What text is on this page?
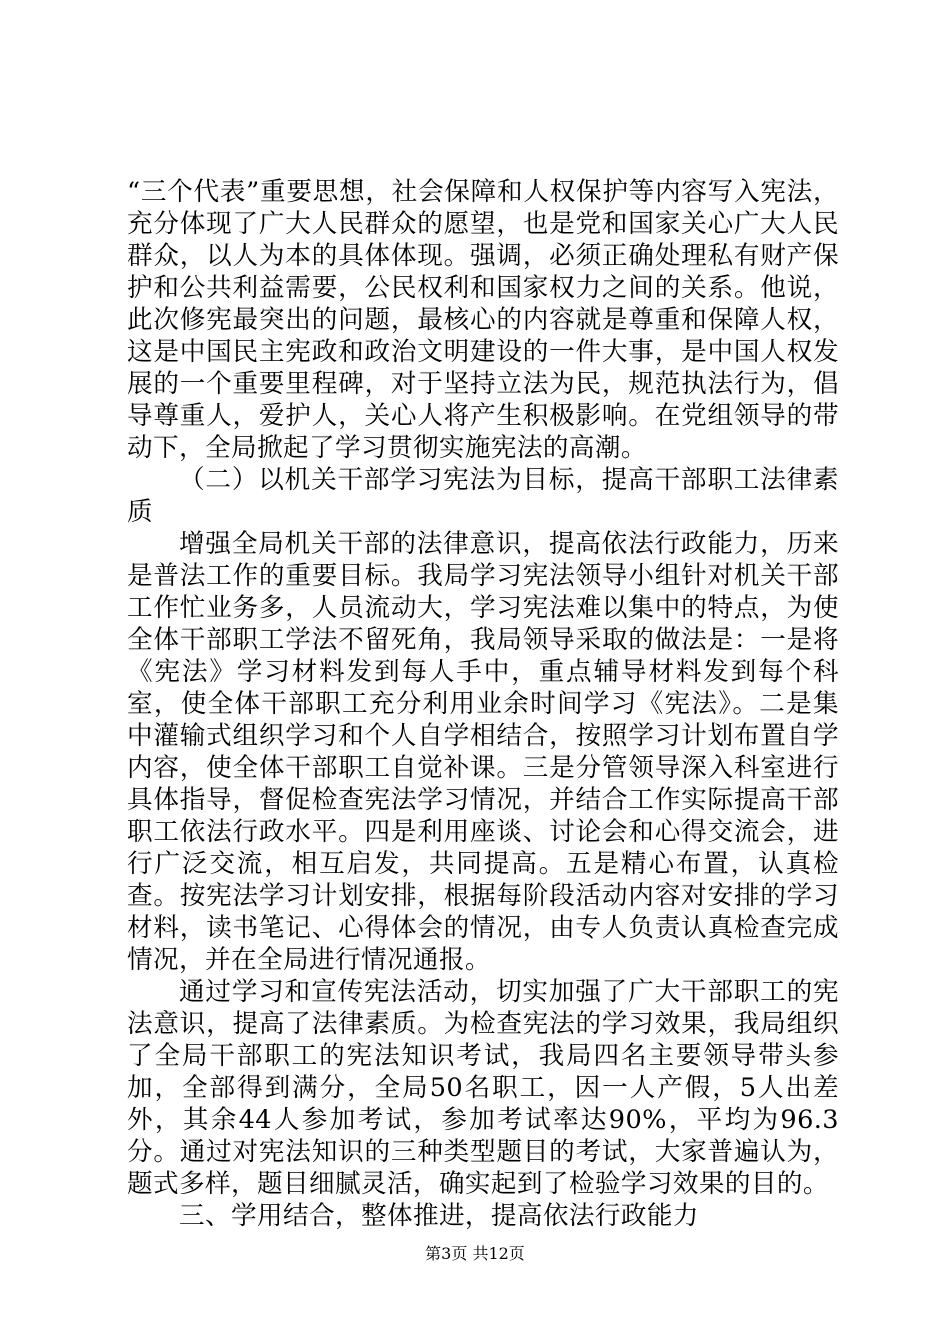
“三个代表”重要思想，社会保障和人权保护等内容写入宪法，充分体现了广大人民群众的愿望，也是党和国家关心广大人民群众，以人为本的具体体现。强调，必须正确处理私有财产保护和公共利益需要，公民权利和国家权力之间的关系。他说，此次修宪最突出的问题，最核心的内容就是尊重和保障人权，这是中国民主宪政和政治文明建设的一件大事，是中国人权发展的一个重要里程碑，对于坚持立法为民，规范执法行为，倡导尊重人，爱护人，关心人将产生积极影响。在党组领导的带动下，全局掀起了学习贯彻实施宪法的高潮。

（二）以机关干部学习宪法为目标，提高干部职工法律素质

增强全局机关干部的法律意识，提高依法行政能力，历来是普法工作的重要目标。我局学习宪法领导小组针对机关干部工作忙业务多，人员流动大，学习宪法难以集中的特点，为使全体干部职工学法不留死角，我局领导采取的做法是：一是将《宪法》学习材料发到每人手中，重点辅导材料发到每个科室，使全体干部职工充分利用业余时间学习《宪法》。二是集中灌输式组织学习和个人自学相结合，按照学习计划布置自学内容，使全体干部职工自觉补课。三是分管领导深入科室进行具体指导，督促检查宪法学习情况，并结合工作实际提高干部职工依法行政水平。四是利用座谈、讨论会和心得交流会，进行广泛交流，相互启发，共同提高。五是精心布置，认真检查。按宪法学习计划安排，根据每阶段活动内容对安排的学习材料，读书笔记、心得体会的情况，由专人负责认真检查完成情况，并在全局进行情况通报。

通过学习和宣传宪法活动，切实加强了广大干部职工的宪法意识，提高了法律素质。为检查宪法的学习效果，我局组织了全局干部职工的宪法知识考试，我局四名主要领导带头参加，全部得到满分，全局50名职工，因一人产假，5人出差外，其余44人参加考试，参加考试率达90%，平均为96.3分。通过对宪法知识的三种类型题目的考试，大家普遍认为，题式多样，题目细腻灵活，确实起到了检验学习效果的目的。

三、学用结合，整体推进，提高依法行政能力

第3页 共12页
